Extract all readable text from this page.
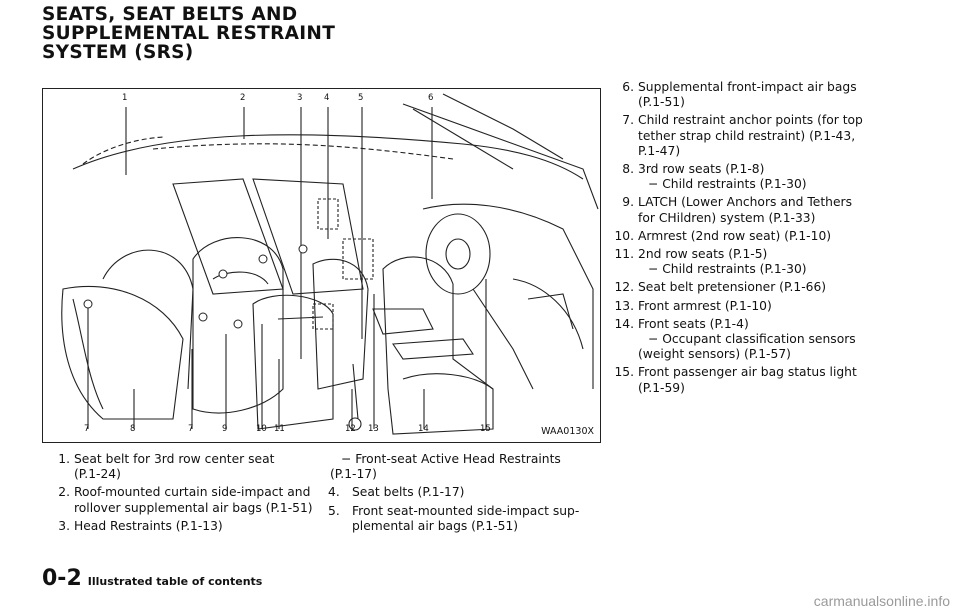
SEATS, SEAT BELTS AND
SUPPLEMENTAL RESTRAINT
SYSTEM (SRS)
1	2	3	4	5	6
7	8	7	9	10 11	12 13	14	15	WAA0130X
1. Seat belt for 3rd row center seat
(P.1-24)
2. Roof-mounted curtain side-impact and
rollover supplemental air bags (P.1-51)
3. Head Restraints (P.1-13)
− Front-seat Active Head Restraints
(P.1-17)
4. Seat belts (P.1-17)
5. Front seat-mounted side-impact sup-
plemental air bags (P.1-51)
6. Supplemental front-impact air bags
(P.1-51)
7. Child restraint anchor points (for top
tether strap child restraint) (P.1-43,
P.1-47)
8. 3rd row seats (P.1-8)
− Child restraints (P.1-30)
9. LATCH (Lower Anchors and Tethers
for CHildren) system (P.1-33)
10. Armrest (2nd row seat) (P.1-10)
11. 2nd row seats (P.1-5)
− Child restraints (P.1-30)
12. Seat belt pretensioner (P.1-66)
13. Front armrest (P.1-10)
14. Front seats (P.1-4)
− Occupant classification sensors
(weight sensors) (P.1-57)
15. Front passenger air bag status light
(P.1-59)
0-2 Illustrated table of contents
carmanualsonline.info
